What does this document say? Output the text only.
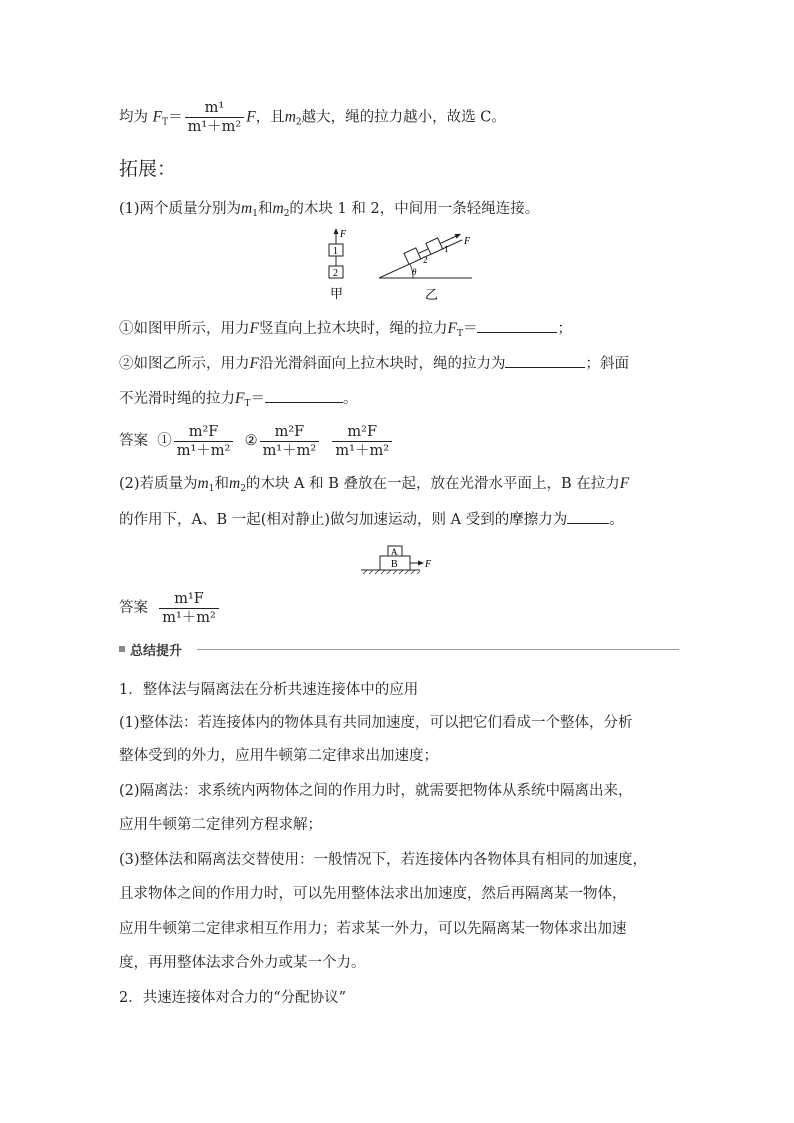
均为 $F_T= \frac{\text{m¹}}{\text{m¹＋m²}}$ F，且$m_2$越大，绳的拉力越小，故选 C。
拓展：
(1)两个质量分别为$m_1$和$m_2$的木块 1 和 2，中间用一条轻绳连接。
F
1
2
甲
θ
2
1
F
乙
①如图甲所示，用力F竖直向上拉木块时，绳的拉力$F_T=$	；
②如图乙所示，用力F沿光滑斜面向上拉木块时，绳的拉力为	；斜面
不光滑时绳的拉力$F_T=$	。
答案 ① $\frac{\text{m²F}}{\text{m¹＋m²}}$ ② $\frac{\text{m²F}}{\text{m¹＋m²}}$
$\frac{\text{m²F}}{\text{m¹＋m²}}$
(2)若质量为$m_1$和$m_2$的木块 A 和 B 叠放在一起，放在光滑水平面上，B 在拉力F
的作用下，A、B 一起(相对静止)做匀加速运动，则 A 受到的摩擦力为	。
B
A
F
答案 $\frac{\text{m¹F}}{\text{m¹＋m²}}$
总结提升
1．整体法与隔离法在分析共速连接体中的应用
(1)整体法：若连接体内的物体具有共同加速度，可以把它们看成一个整体，分析
整体受到的外力，应用牛顿第二定律求出加速度；
(2)隔离法：求系统内两物体之间的作用力时，就需要把物体从系统中隔离出来，
应用牛顿第二定律列方程求解；
(3)整体法和隔离法交替使用：一般情况下，若连接体内各物体具有相同的加速度，
且求物体之间的作用力时，可以先用整体法求出加速度，然后再隔离某一物体，
应用牛顿第二定律求相互作用力；若求某一外力，可以先隔离某一物体求出加速
度，再用整体法求合外力或某一个力。
2．共速连接体对合力的“分配协议”
